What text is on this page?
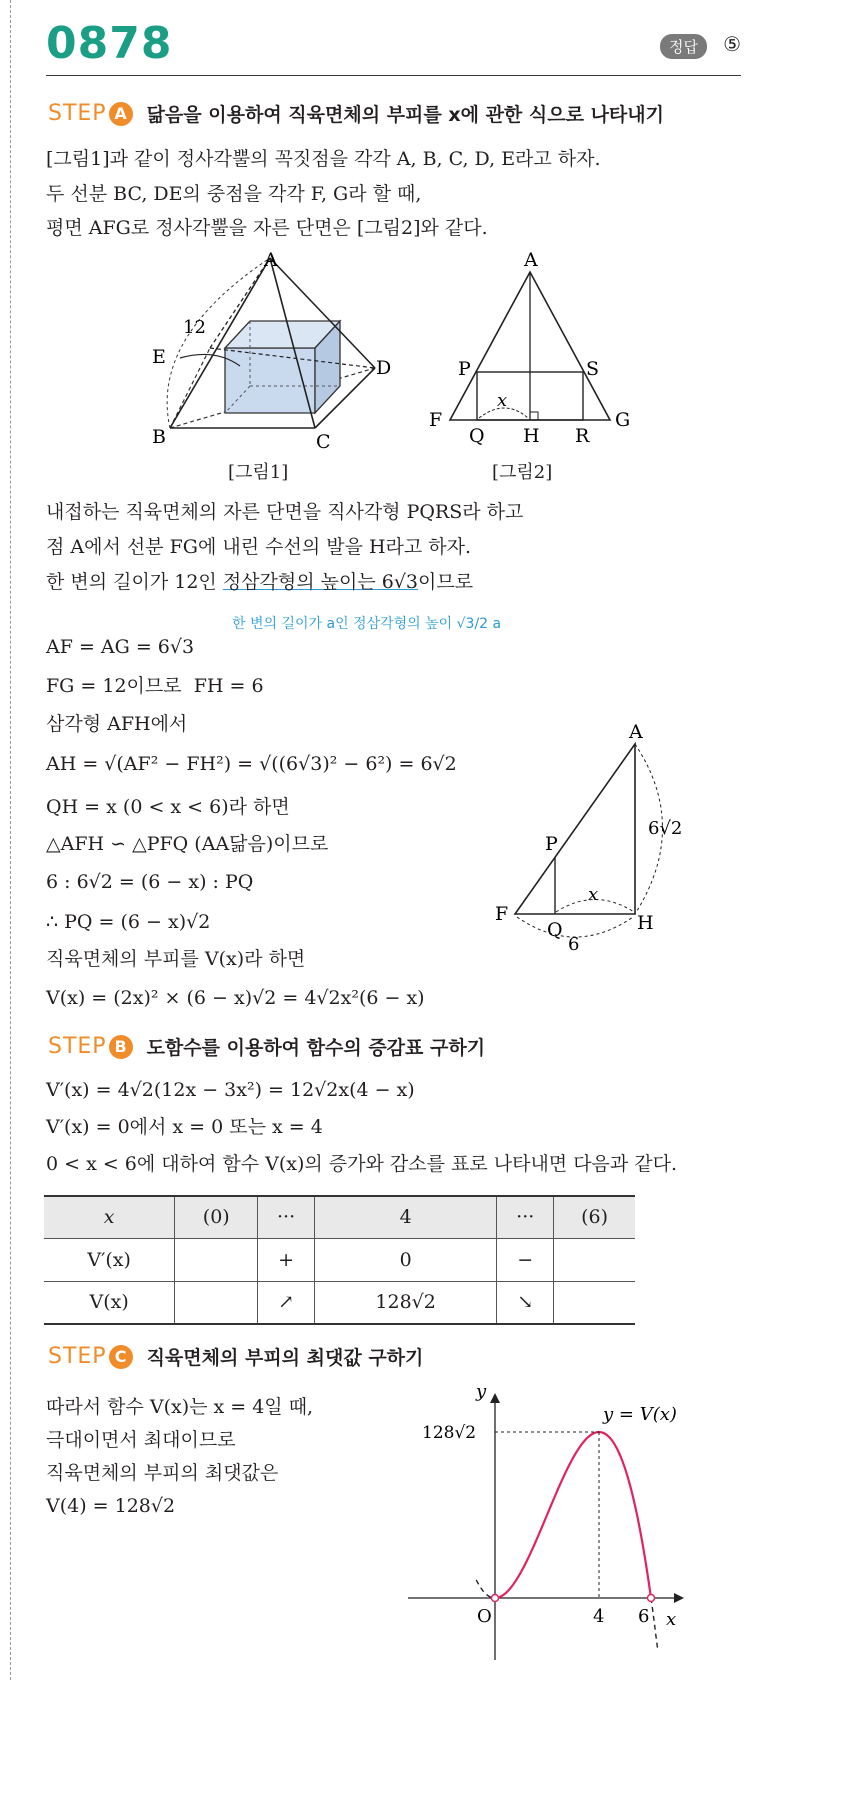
0878	정답	⑤
STEP A	닮음을 이용하여 직육면체의 부피를 x에 관한 식으로 나타내기
[그림1]과 같이 정사각뿔의 꼭짓점을 각각 A, B, C, D, E라고 하자.
두 선분 BC, DE의 중점을 각각 F, G라 할 때,
평면 AFG로 정사각뿔을 자른 단면은 [그림2]와 같다.
A
B	C
D
E
12
[그림1]
A
P	S
F
Q H R
G
x
[그림2]
내접하는 직육면체의 자른 단면을 직사각형 PQRS라 하고
점 A에서 선분 FG에 내린 수선의 발을 H라고 하자.
한 변의 길이가 12인 정삼각형의 높이는 6√3이므로
한 변의 길이가 a인 정삼각형의 높이 √3/2 a
AF = AG = 6√3
FG = 12이므로 FH = 6
삼각형 AFH에서
AH = √(AF² − FH²) = √((6√3)² − 6²) = 6√2
QH = x (0 < x < 6)라 하면
△AFH ∽ △PFQ (AA닮음)이므로
6 : 6√2 = (6 − x) : PQ
∴ PQ = (6 − x)√2
직육면체의 부피를 V(x)라 하면
V(x) = (2x)² × (6 − x)√2 = 4√2x²(6 − x)
A
P
F
Q	H
6√2
x
6
STEP B	도함수를 이용하여 함수의 증감표 구하기
V′(x) = 4√2(12x − 3x²) = 12√2x(4 − x)
V′(x) = 0에서 x = 0 또는 x = 4
0 < x < 6에 대하여 함수 V(x)의 증가와 감소를 표로 나타내면 다음과 같다.
x	(0)	···	4	···	(6)
V′(x)		+	0	−	
V(x)		↗	128√2	↘	
STEP C	직육면체의 부피의 최댓값 구하기
따라서 함수 V(x)는 x = 4일 때,
극대이면서 최대이므로
직육면체의 부피의 최댓값은
V(4) = 128√2
y
x
O
128√2
y = V(x)
4 6
